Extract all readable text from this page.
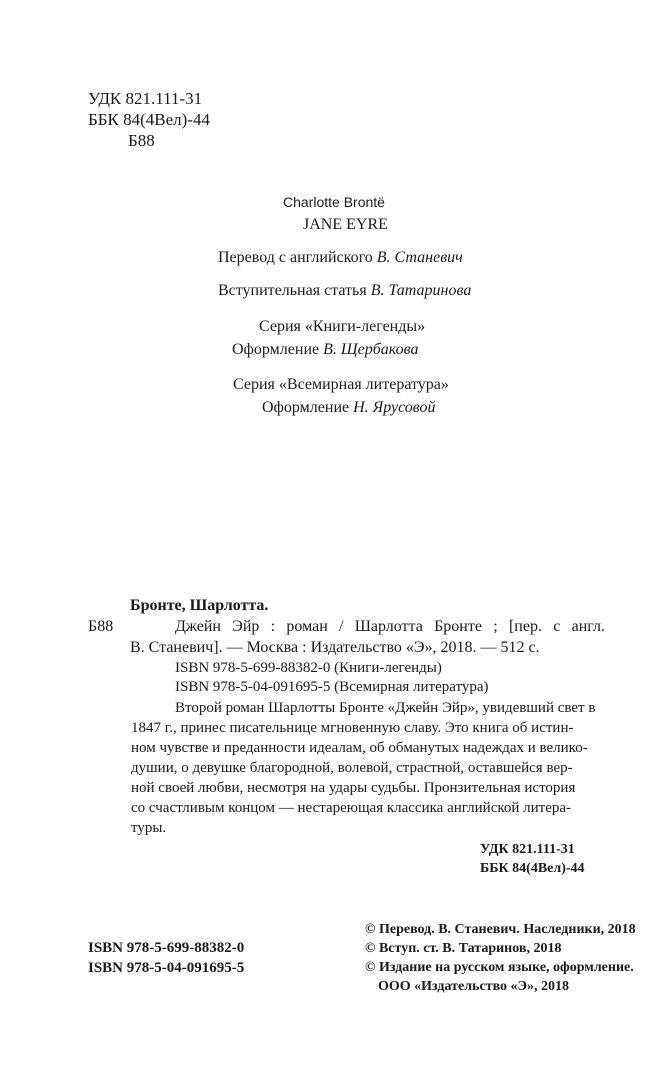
УДК 821.111-31
ББК 84(4Вел)-44
Б88
Charlotte Brontë
JANE EYRE
Перевод с английского В. Станевич
Вступительная статья В. Татаринова
Серия «Книги-легенды»
Оформление В. Щербакова
Серия «Всемирная литература»
Оформление Н. Ярусовой
Б88
Бронте, Шарлотта.
Джейн Эйр : роман / Шарлотта Бронте ; [пер. с англ.
В. Станевич]. — Москва : Издательство «Э», 2018. — 512 с.
ISBN 978-5-699-88382-0 (Книги-легенды)
ISBN 978-5-04-091695-5 (Всемирная литература)
Второй роман Шарлотты Бронте «Джейн Эйр», увидевший свет в
1847 г., принес писательнице мгновенную славу. Это книга об истин-
ном чувстве и преданности идеалам, об обманутых надеждах и велико-
душии, о девушке благородной, волевой, страстной, оставшейся вер-
ной своей любви, несмотря на удары судьбы. Пронзительная история
со счастливым концом — нестареющая классика английской литера-
туры.
УДК 821.111-31
ББК 84(4Вел)-44
ISBN 978-5-699-88382-0
ISBN 978-5-04-091695-5
© Перевод. В. Станевич. Наследники, 2018
© Вступ. ст. В. Татаринов, 2018
© Издание на русском языке, оформление.
ООО «Издательство «Э», 2018
